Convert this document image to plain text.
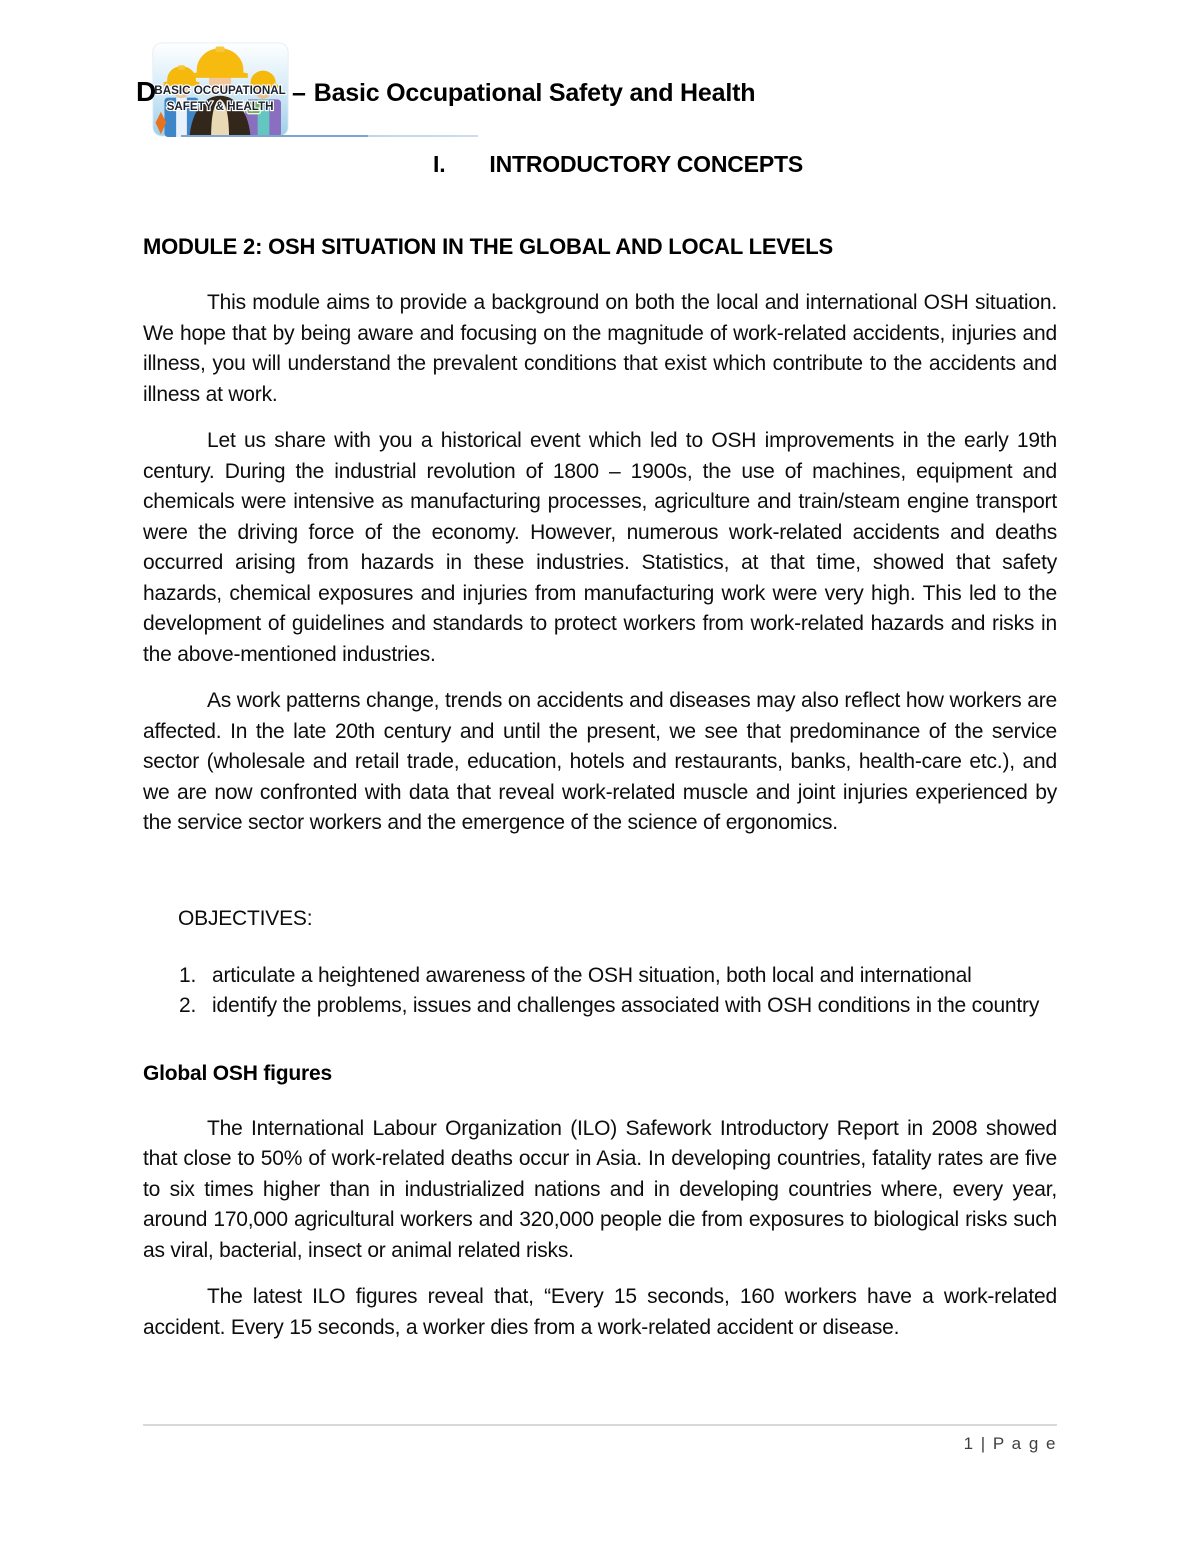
D
BASIC OCCUPATIONAL
SAFETY & HEALTH – Basic Occupational Safety and Health
I. INTRODUCTORY CONCEPTS
MODULE 2: OSH SITUATION IN THE GLOBAL AND LOCAL LEVELS

This module aims to provide a background on both the local and international OSH situation. We hope that by being aware and focusing on the magnitude of work-related accidents, injuries and illness, you will understand the prevalent conditions that exist which contribute to the accidents and illness at work.

Let us share with you a historical event which led to OSH improvements in the early 19th century. During the industrial revolution of 1800 – 1900s, the use of machines, equipment and chemicals were intensive as manufacturing processes, agriculture and train/steam engine transport were the driving force of the economy. However, numerous work-related accidents and deaths occurred arising from hazards in these industries. Statistics, at that time, showed that safety hazards, chemical exposures and injuries from manufacturing work were very high. This led to the development of guidelines and standards to protect workers from work-related hazards and risks in the above-mentioned industries.

As work patterns change, trends on accidents and diseases may also reflect how workers are affected. In the late 20th century and until the present, we see that predominance of the service sector (wholesale and retail trade, education, hotels and restaurants, banks, health-care etc.), and we are now confronted with data that reveal work-related muscle and joint injuries experienced by the service sector workers and the emergence of the science of ergonomics.

OBJECTIVES:
1. articulate a heightened awareness of the OSH situation, both local and international
2. identify the problems, issues and challenges associated with OSH conditions in the country
Global OSH figures

The International Labour Organization (ILO) Safework Introductory Report in 2008 showed that close to 50% of work-related deaths occur in Asia. In developing countries, fatality rates are five to six times higher than in industrialized nations and in developing countries where, every year, around 170,000 agricultural workers and 320,000 people die from exposures to biological risks such as viral, bacterial, insect or animal related risks.

The latest ILO figures reveal that, “Every 15 seconds, 160 workers have a work-related accident. Every 15 seconds, a worker dies from a work-related accident or disease.

1 | P a g e
